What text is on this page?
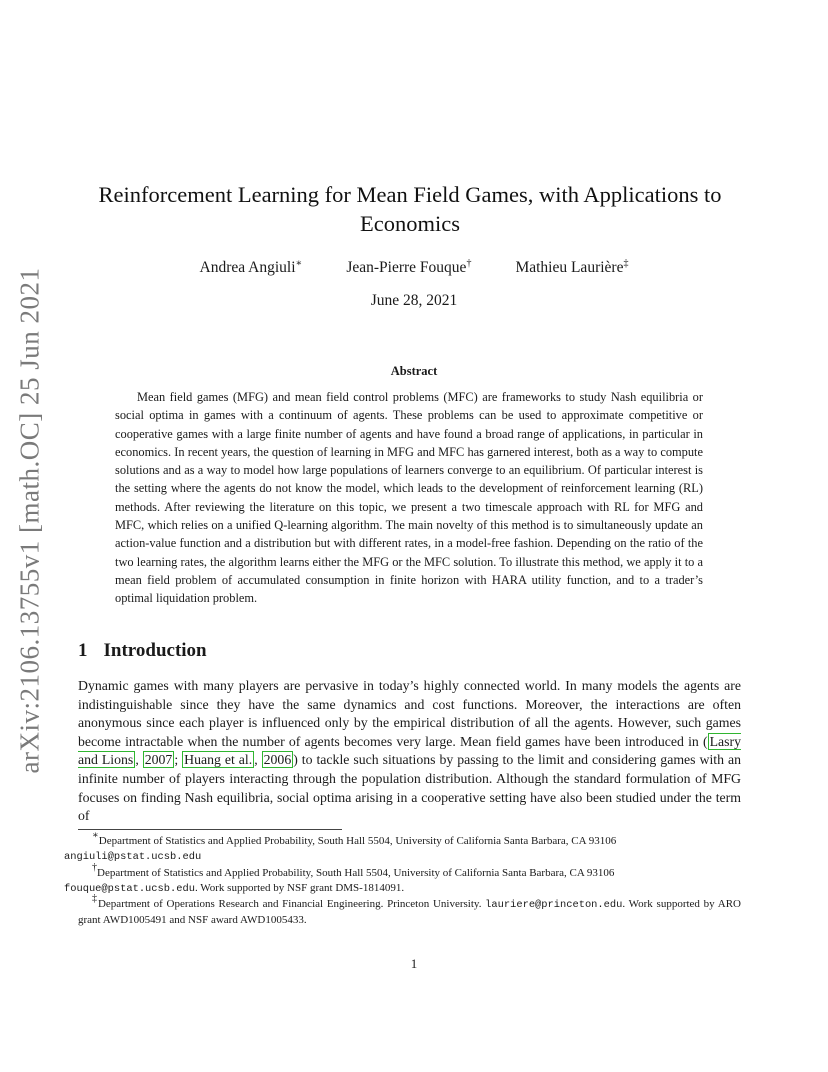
arXiv:2106.13755v1 [math.OC] 25 Jun 2021
Reinforcement Learning for Mean Field Games, with Applications to
Economics
Andrea Angiuli∗	Jean-Pierre Fouque†	Mathieu Laurière‡
June 28, 2021
Abstract
Mean field games (MFG) and mean field control problems (MFC) are frameworks to study Nash equilibria or social optima in games with a continuum of agents. These problems can be used to approximate competitive or cooperative games with a large finite number of agents and have found a broad range of applications, in particular in economics. In recent years, the question of learning in MFG and MFC has garnered interest, both as a way to compute solutions and as a way to model how large populations of learners converge to an equilibrium. Of particular interest is the setting where the agents do not know the model, which leads to the development of reinforcement learning (RL) methods. After reviewing the literature on this topic, we present a two timescale approach with RL for MFG and MFC, which relies on a unified Q-learning algorithm. The main novelty of this method is to simultaneously update an action-value function and a distribution but with different rates, in a model-free fashion. Depending on the ratio of the two learning rates, the algorithm learns either the MFG or the MFC solution. To illustrate this method, we apply it to a mean field problem of accumulated consumption in finite horizon with HARA utility function, and to a trader’s optimal liquidation problem.
1 Introduction
Dynamic games with many players are pervasive in today’s highly connected world. In many models the agents are indistinguishable since they have the same dynamics and cost functions. Moreover, the interactions are often anonymous since each player is influenced only by the empirical distribution of all the agents. However, such games become intractable when the number of agents becomes very large. Mean field games have been introduced in ( Lasry and Lions , 2007 ; Huang et al. , 2006 ) to tackle such situations by passing to the limit and considering games with an infinite number of players interacting through the population distribution. Although the standard formulation of MFG focuses on finding Nash equilibria, social optima arising in a cooperative setting have also been studied under the term of
∗Department of Statistics and Applied Probability, South Hall 5504, University of California Santa Barbara, CA 93106
angiuli@pstat.ucsb.edu
†Department of Statistics and Applied Probability, South Hall 5504, University of California Santa Barbara, CA 93106
fouque@pstat.ucsb.edu. Work supported by NSF grant DMS-1814091.
‡Department of Operations Research and Financial Engineering. Princeton University. lauriere@princeton.edu. Work supported by ARO grant AWD1005491 and NSF award AWD1005433.
1
